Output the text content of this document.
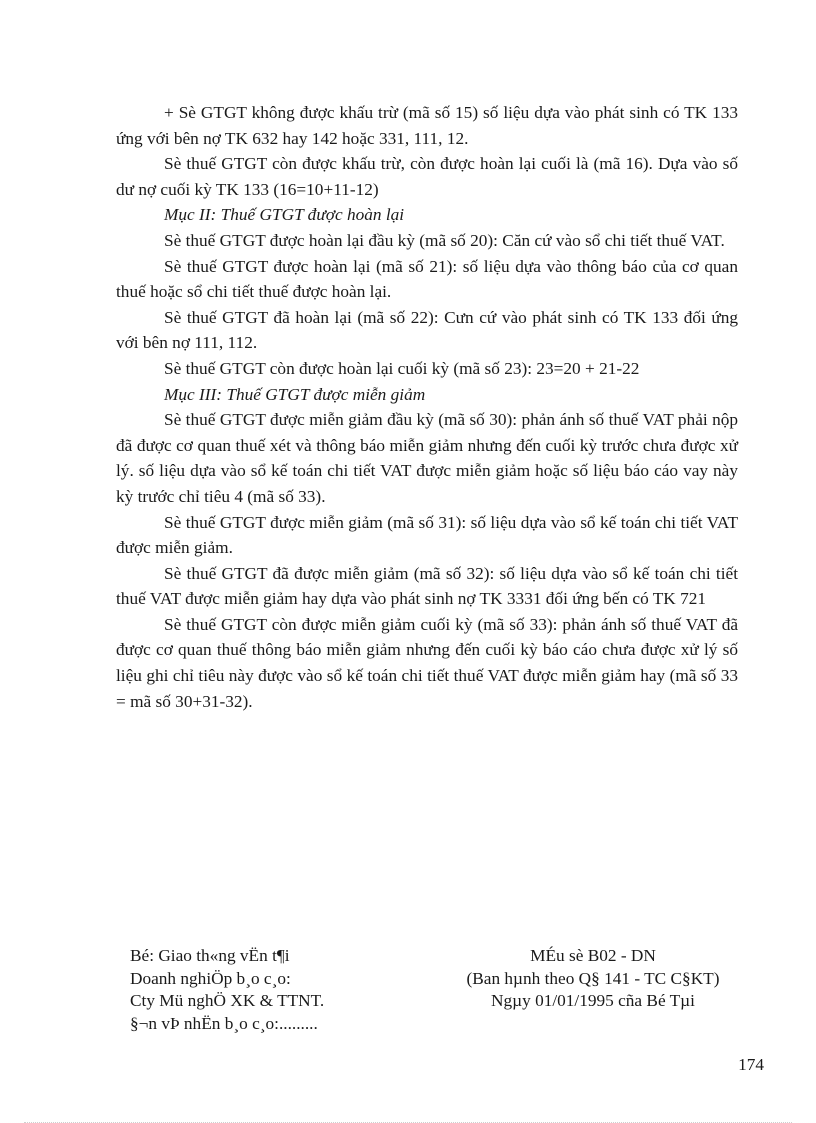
+ Sè GTGT không được khấu trừ (mã số 15) số liệu dựa vào phát sinh có TK 133 ứng với bên nợ TK 632 hay 142 hoặc 331, 111, 12.

Sè thuế GTGT còn được khấu trừ, còn được hoàn lại cuối là (mã 16). Dựa vào số dư nợ cuối kỳ TK 133 (16=10+11-12)

Mục II: Thuế GTGT được hoàn lại

Sè thuế GTGT được hoàn lại đầu kỳ (mã số 20): Căn cứ vào sổ chi tiết thuế VAT.

Sè thuế GTGT được hoàn lại (mã số 21): số liệu dựa vào thông báo của cơ quan thuế hoặc sổ chi tiết thuế được hoàn lại.

Sè thuế GTGT đã hoàn lại (mã số 22): Cưn cứ vào phát sinh có TK 133 đối ứng với bên nợ 111, 112.

Sè thuế GTGT còn được hoàn lại cuối kỳ (mã số 23): 23=20 + 21-22

Mục III: Thuế GTGT được miễn giảm

Sè thuế GTGT được miễn giảm đầu kỳ (mã số 30): phản ánh số thuế VAT phải nộp đã được cơ quan thuế xét và thông báo miễn giảm nhưng đến cuối kỳ trước chưa được xử lý. số liệu dựa vào sổ kế toán chi tiết VAT được miễn giảm hoặc số liệu báo cáo vay này kỳ trước chỉ tiêu 4 (mã số 33).

Sè thuế GTGT được miễn giảm (mã số 31): số liệu dựa vào sổ kế toán chi tiết VAT được miễn giảm.

Sè thuế GTGT đã được miễn giảm (mã số 32): số liệu dựa vào sổ kế toán chi tiết thuế VAT được miễn giảm hay dựa vào phát sinh nợ TK 3331 đối ứng bến có TK 721

Sè thuế GTGT còn được miễn giảm cuối kỳ (mã số 33): phản ánh số thuế VAT đã được cơ quan thuế thông báo miễn giảm nhưng đến cuối kỳ báo cáo chưa được xử lý số liệu ghi chỉ tiêu này được vào sổ kế toán chi tiết thuế VAT được miễn giảm hay (mã số 33 = mã số 30+31-32).

Bé: Giao th«ng vËn t¶i
Doanh nghiÖp b¸o c¸o:
Cty Mü nghÖ XK & TTNT.
§¬n vÞ nhËn b¸o c¸o:.........
MÉu sè B02 - DN
(Ban hµnh theo Q§ 141 - TC C§KT)
Ngµy 01/01/1995 cña Bé Tµi
174
